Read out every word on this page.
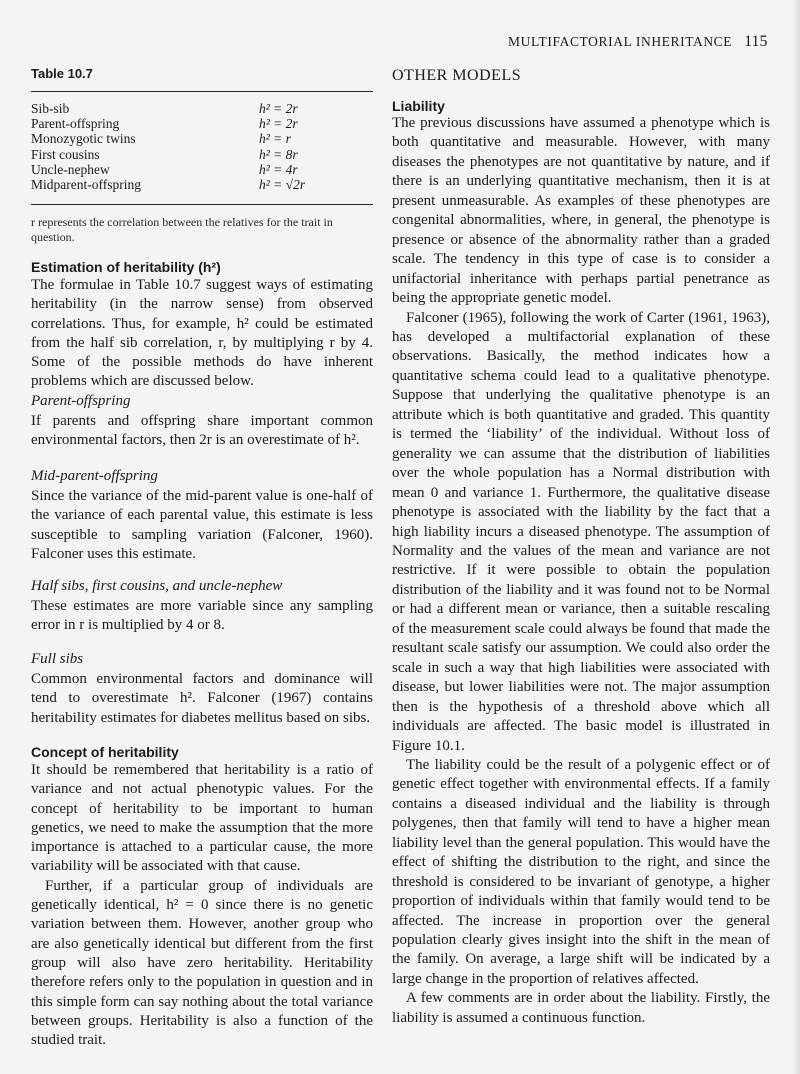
MULTIFACTORIAL INHERITANCE 115
Table 10.7
Sib-sib	h² = 2r
Parent-offspring	h² = 2r
Monozygotic twins	h² = r
First cousins	h² = 8r
Uncle-nephew	h² = 4r
Midparent-offspring	h² = √2r
r represents the correlation between the relatives for the trait in question.
Estimation of heritability (h²)

The formulae in Table 10.7 suggest ways of estimating heritability (in the narrow sense) from observed correlations. Thus, for example, h² could be estimated from the half sib correlation, r, by multiplying r by 4. Some of the possible methods do have inherent problems which are discussed below.

Parent-offspring

If parents and offspring share important common environmental factors, then 2r is an overestimate of h².

Mid-parent-offspring

Since the variance of the mid-parent value is one-half of the variance of each parental value, this estimate is less susceptible to sampling variation (Falconer, 1960). Falconer uses this estimate.

Half sibs, first cousins, and uncle-nephew

These estimates are more variable since any sampling error in r is multiplied by 4 or 8.

Full sibs

Common environmental factors and dominance will tend to overestimate h². Falconer (1967) contains heritability estimates for diabetes mellitus based on sibs.

Concept of heritability

It should be remembered that heritability is a ratio of variance and not actual phenotypic values. For the concept of heritability to be important to human genetics, we need to make the assumption that the more importance is attached to a particular cause, the more variability will be associated with that cause.

Further, if a particular group of individuals are genetically identical, h² = 0 since there is no genetic variation between them. However, another group who are also genetically identical but different from the first group will also have zero heritability. Heritability therefore refers only to the population in question and in this simple form can say nothing about the total variance between groups. Heritability is also a function of the studied trait.

OTHER MODELS
Liability

The previous discussions have assumed a phenotype which is both quantitative and measurable. However, with many diseases the phenotypes are not quantitative by nature, and if there is an underlying quantitative mechanism, then it is at present unmeasurable. As examples of these phenotypes are congenital abnormalities, where, in general, the phenotype is presence or absence of the abnormality rather than a graded scale. The tendency in this type of case is to consider a unifactorial inheritance with perhaps partial penetrance as being the appropriate genetic model.

Falconer (1965), following the work of Carter (1961, 1963), has developed a multifactorial explanation of these observations. Basically, the method indicates how a quantitative schema could lead to a qualitative phenotype. Suppose that underlying the qualitative phenotype is an attribute which is both quantitative and graded. This quantity is termed the ‘liability’ of the individual. Without loss of generality we can assume that the distribution of liabilities over the whole population has a Normal distribution with mean 0 and variance 1. Furthermore, the qualitative disease phenotype is associated with the liability by the fact that a high liability incurs a diseased phenotype. The assumption of Normality and the values of the mean and variance are not restrictive. If it were possible to obtain the population distribution of the liability and it was found not to be Normal or had a different mean or variance, then a suitable rescaling of the measurement scale could always be found that made the resultant scale satisfy our assumption. We could also order the scale in such a way that high liabilities were associated with disease, but lower liabilities were not. The major assumption then is the hypothesis of a threshold above which all individuals are affected. The basic model is illustrated in Figure 10.1.

The liability could be the result of a polygenic effect or of genetic effect together with environmental effects. If a family contains a diseased individual and the liability is through polygenes, then that family will tend to have a higher mean liability level than the general population. This would have the effect of shifting the distribution to the right, and since the threshold is considered to be invariant of genotype, a higher proportion of individuals within that family would tend to be affected. The increase in proportion over the general population clearly gives insight into the shift in the mean of the family. On average, a large shift will be indicated by a large change in the proportion of relatives affected.

A few comments are in order about the liability. Firstly, the liability is assumed a continuous function.
